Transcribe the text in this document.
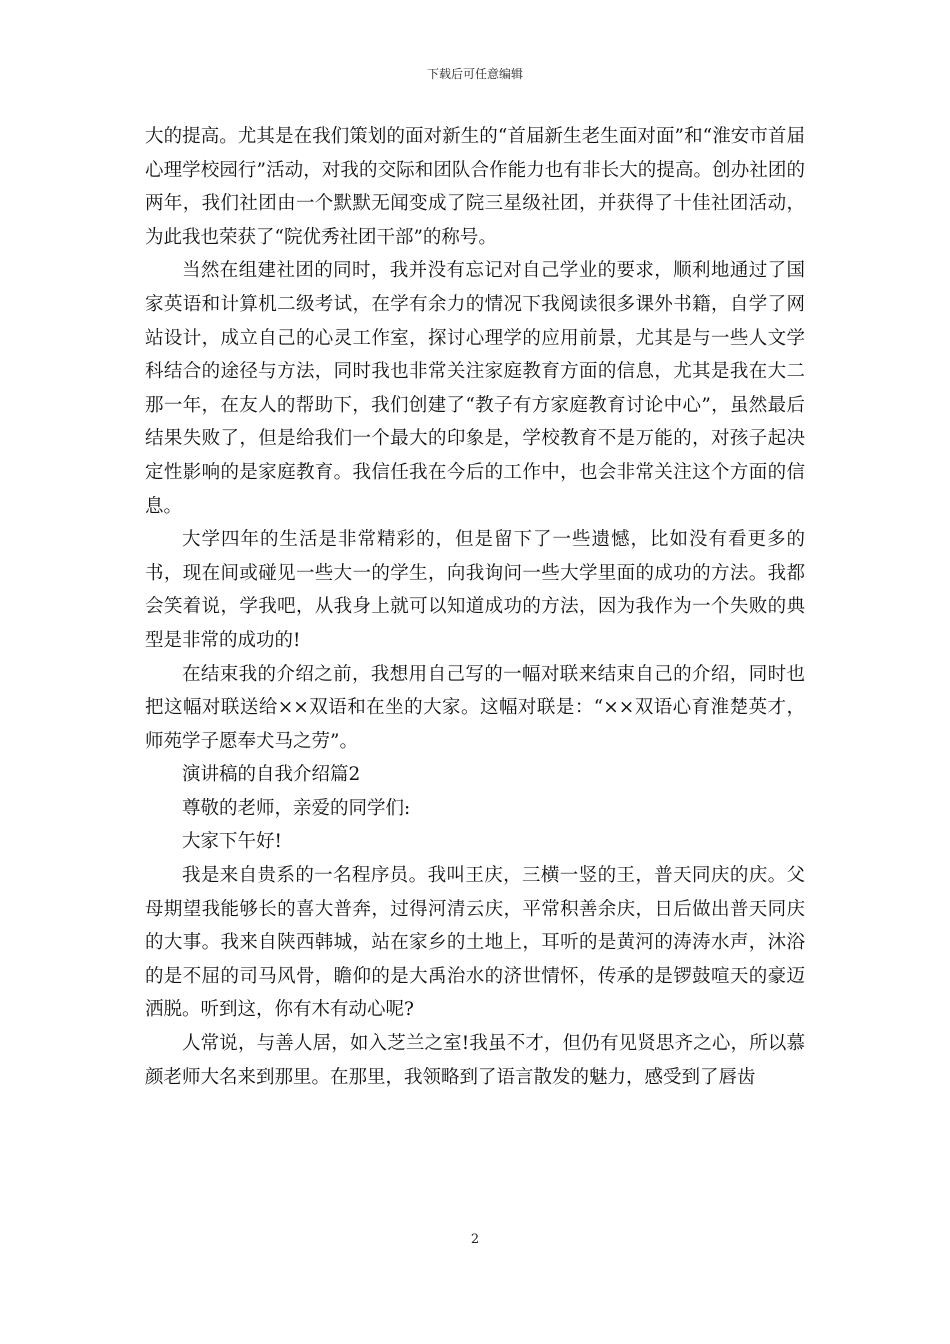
下载后可任意编辑

大的提高。尤其是在我们策划的面对新生的“首届新生老生面对面”和“淮安市首届心理学校园行”活动，对我的交际和团队合作能力也有非长大的提高。创办社团的两年，我们社团由一个默默无闻变成了院三星级社团，并获得了十佳社团活动，为此我也荣获了“院优秀社团干部”的称号。

当然在组建社团的同时，我并没有忘记对自己学业的要求，顺利地通过了国家英语和计算机二级考试，在学有余力的情况下我阅读很多课外书籍，自学了网站设计，成立自己的心灵工作室，探讨心理学的应用前景，尤其是与一些人文学科结合的途径与方法，同时我也非常关注家庭教育方面的信息，尤其是我在大二那一年，在友人的帮助下，我们创建了“教子有方家庭教育讨论中心”，虽然最后结果失败了，但是给我们一个最大的印象是，学校教育不是万能的，对孩子起决定性影响的是家庭教育。我信任我在今后的工作中，也会非常关注这个方面的信息。

大学四年的生活是非常精彩的，但是留下了一些遗憾，比如没有看更多的书，现在间或碰见一些大一的学生，向我询问一些大学里面的成功的方法。我都会笑着说，学我吧，从我身上就可以知道成功的方法，因为我作为一个失败的典型是非常的成功的!

在结束我的介绍之前，我想用自己写的一幅对联来结束自己的介绍，同时也把这幅对联送给××双语和在坐的大家。这幅对联是：“××双语心育淮楚英才，师苑学子愿奉犬马之劳”。

演讲稿的自我介绍篇2

尊敬的老师，亲爱的同学们:

大家下午好!

我是来自贵系的一名程序员。我叫王庆，三横一竖的王，普天同庆的庆。父母期望我能够长的喜大普奔，过得河清云庆，平常积善余庆，日后做出普天同庆的大事。我来自陕西韩城，站在家乡的土地上，耳听的是黄河的涛涛水声，沐浴的是不屈的司马风骨，瞻仰的是大禹治水的济世情怀，传承的是锣鼓喧天的豪迈洒脱。听到这，你有木有动心呢?

人常说，与善人居，如入芝兰之室!我虽不才，但仍有见贤思齐之心，所以慕颜老师大名来到那里。在那里，我领略到了语言散发的魅力，感受到了唇齿

2
